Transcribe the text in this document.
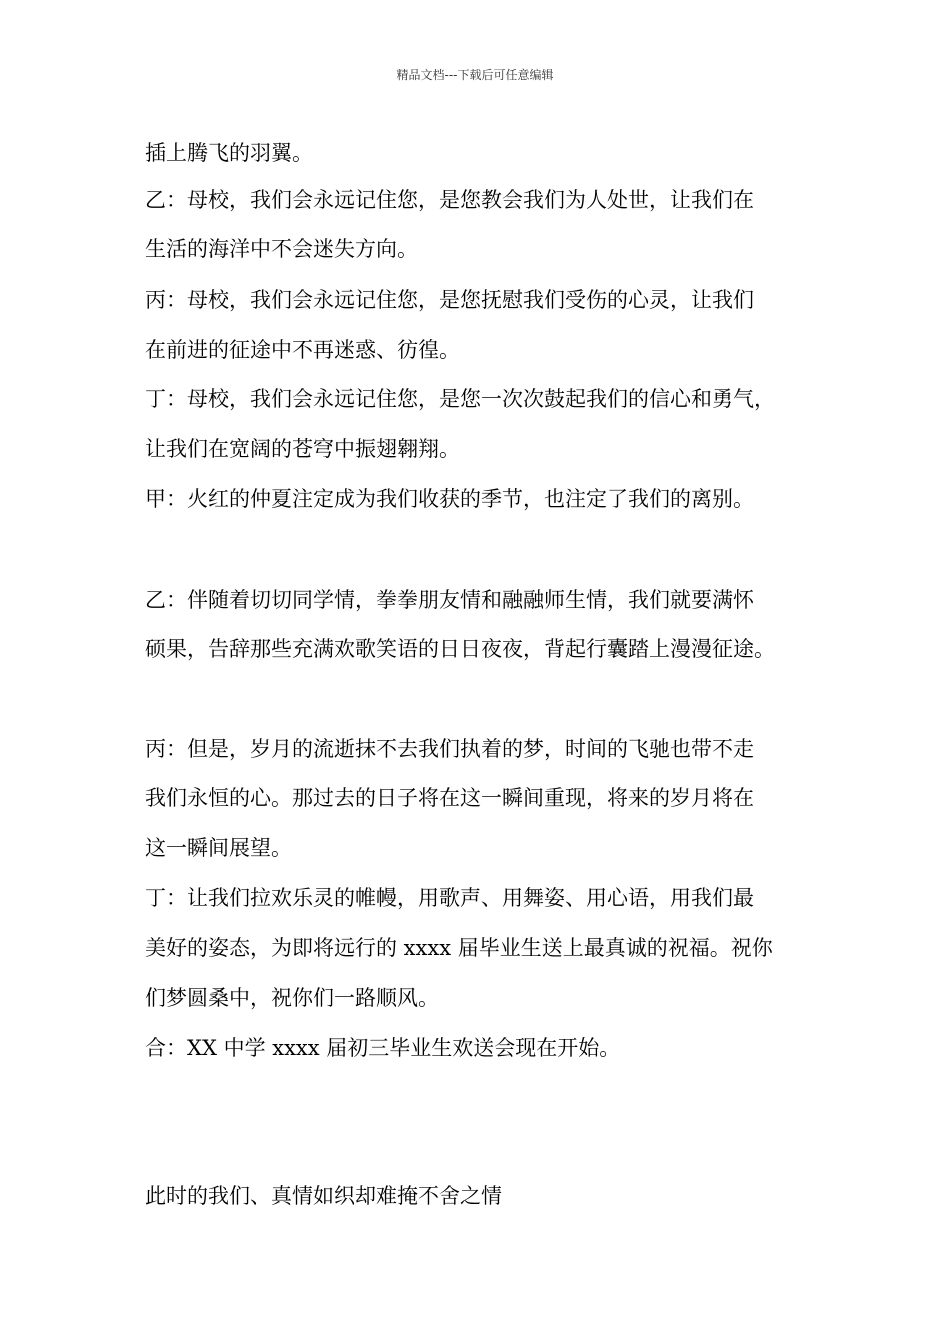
精品文档---下载后可任意编辑
插上腾飞的羽翼。
乙：母校，我们会永远记住您，是您教会我们为人处世，让我们在
生活的海洋中不会迷失方向。
丙：母校，我们会永远记住您，是您抚慰我们受伤的心灵，让我们
在前进的征途中不再迷惑、彷徨。
丁：母校，我们会永远记住您，是您一次次鼓起我们的信心和勇气，
让我们在宽阔的苍穹中振翅翱翔。
甲：火红的仲夏注定成为我们收获的季节，也注定了我们的离别。
乙：伴随着切切同学情，拳拳朋友情和融融师生情，我们就要满怀
硕果，告辞那些充满欢歌笑语的日日夜夜，背起行囊踏上漫漫征途。
丙：但是，岁月的流逝抹不去我们执着的梦，时间的飞驰也带不走
我们永恒的心。那过去的日子将在这一瞬间重现，将来的岁月将在
这一瞬间展望。
丁：让我们拉欢乐灵的帷幔，用歌声、用舞姿、用心语，用我们最
美好的姿态，为即将远行的 xxxx 届毕业生送上最真诚的祝福。祝你
们梦圆桑中，祝你们一路顺风。
合：XX 中学 xxxx 届初三毕业生欢送会现在开始。
此时的我们、真情如织却难掩不舍之情
